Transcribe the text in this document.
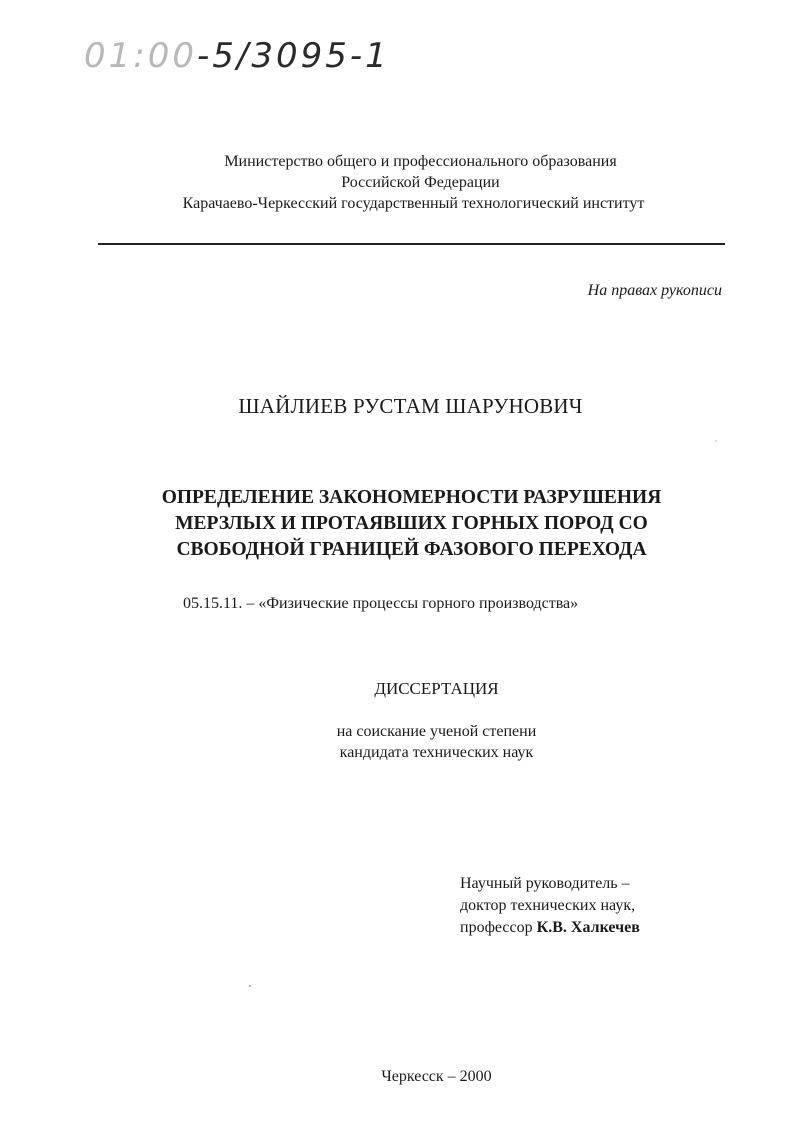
01:00-5/3095-1
Министерство общего и профессионального образования
Российской Федерации
Карачаево-Черкесский государственный технологический институт
На правах рукописи
ШАЙЛИЕВ РУСТАМ ШАРУНОВИЧ
ОПРЕДЕЛЕНИЕ ЗАКОНОМЕРНОСТИ РАЗРУШЕНИЯ
МЕРЗЛЫХ И ПРОТАЯВШИХ ГОРНЫХ ПОРОД СО
СВОБОДНОЙ ГРАНИЦЕЙ ФАЗОВОГО ПЕРЕХОДА
05.15.11. – «Физические процессы горного производства»
ДИССЕРТАЦИЯ
на соискание ученой степени
кандидата технических наук
Научный руководитель –
доктор технических наук,
профессор К.В. Халкечев
Черкесск – 2000
